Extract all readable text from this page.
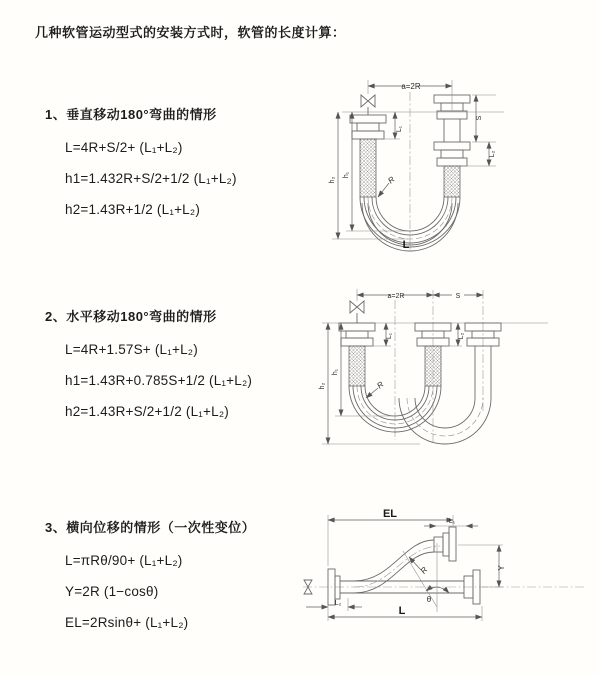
几种软管运动型式的安装方式时，软管的长度计算：
1、垂直移动180°弯曲的情形
L=4R+S/2+ (L₁+L₂)
h1=1.432R+S/2+1/2 (L₁+L₂)
h2=1.43R+1/2 (L₁+L₂)
2、水平移动180°弯曲的情形
L=4R+1.57S+ (L₁+L₂)
h1=1.43R+0.785S+1/2 (L₁+L₂)
h2=1.43R+S/2+1/2 (L₁+L₂)
3、横向位移的情形（一次性变位）
L=πRθ/90+ (L₁+L₂)
Y=2R (1−cosθ)
EL=2Rsinθ+ (L₁+L₂)
a=2R
L₁
S
L₂
h₁
h₂	R
L
a=2R	S
L₁	L₂
h₁
h₂	R
θ
R
EL
L₁
Y
L₂
L
